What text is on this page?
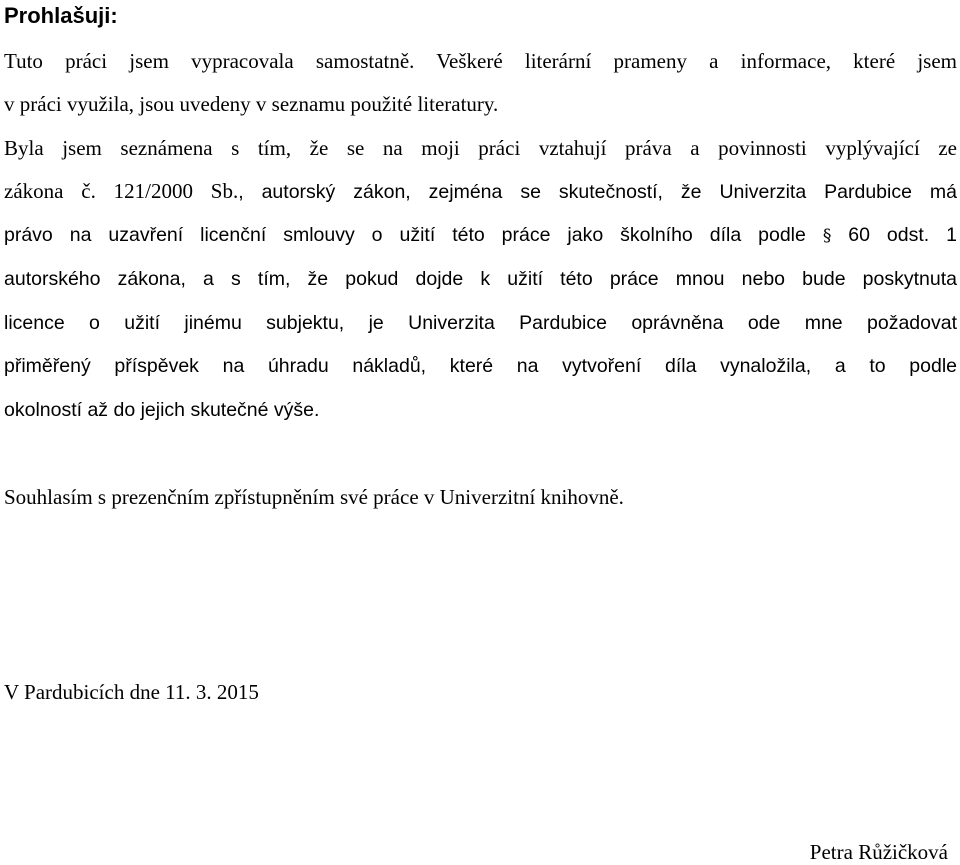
Prohlašuji:

Tuto práci jsem vypracovala samostatně. Veškeré literární prameny a informace, které jsem

v práci využila, jsou uvedeny v seznamu použité literatury.

Byla jsem seznámena s tím, že se na moji práci vztahují práva a povinnosti vyplývající ze

zákona č. 121/2000 Sb., autorský zákon, zejména se skutečností, že Univerzita Pardubice má

právo na uzavření licenční smlouvy o užití této práce jako školního díla podle § 60 odst. 1

autorského zákona, a s tím, že pokud dojde k užití této práce mnou nebo bude poskytnuta

licence o užití jinému subjektu, je Univerzita Pardubice oprávněna ode mne požadovat

přiměřený příspěvek na úhradu nákladů, které na vytvoření díla vynaložila, a to podle

okolností až do jejich skutečné výše.

Souhlasím s prezenčním zpřístupněním své práce v Univerzitní knihovně.

V Pardubicích dne 11. 3. 2015

Petra Růžičková
